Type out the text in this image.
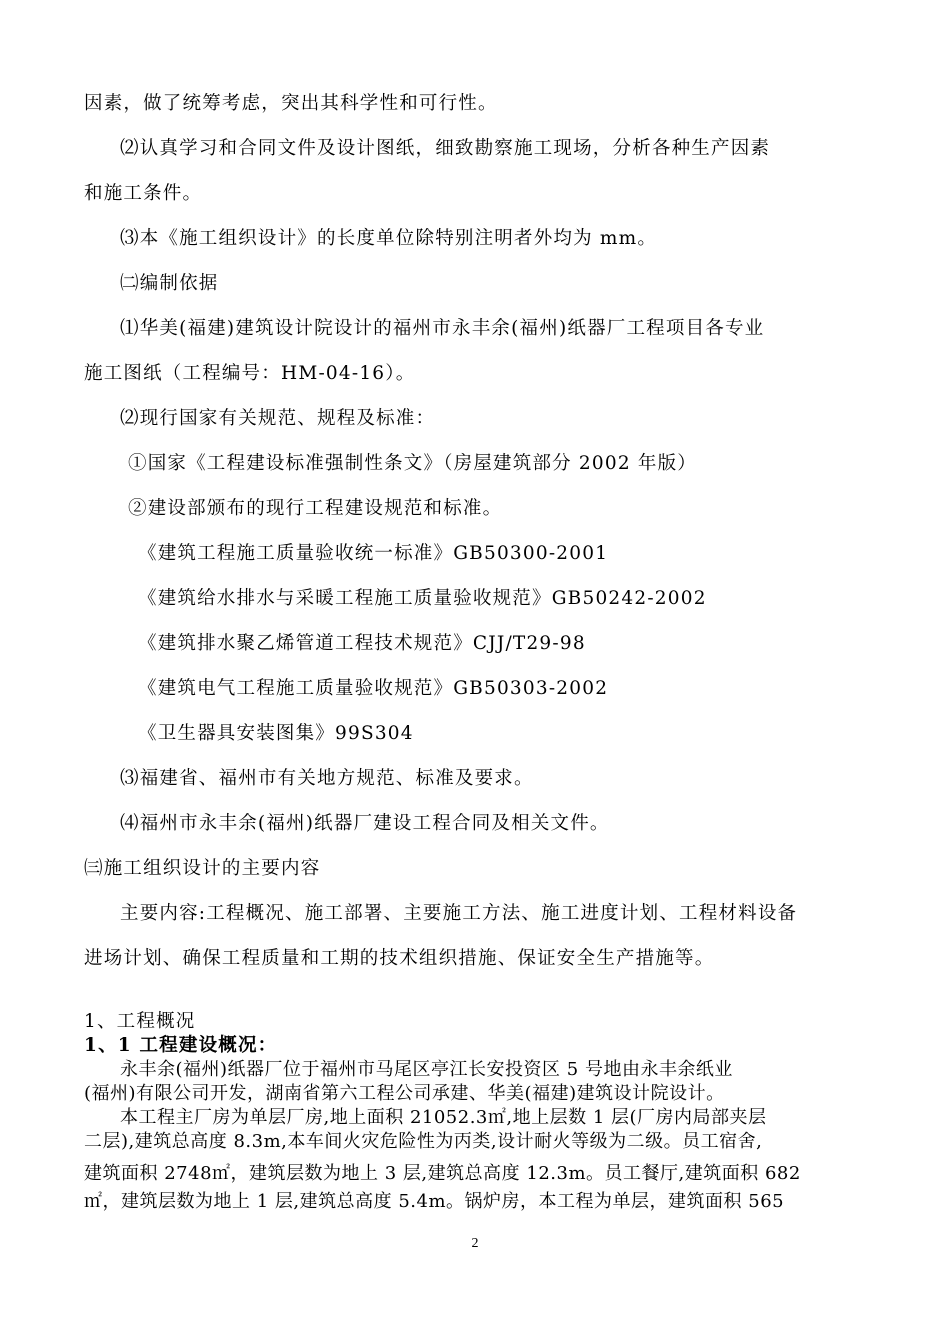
因素，做了统筹考虑，突出其科学性和可行性。
⑵认真学习和合同文件及设计图纸，细致勘察施工现场，分析各种生产因素
和施工条件。
⑶本《施工组织设计》的长度单位除特别注明者外均为 mm。
㈡编制依据
⑴华美(福建)建筑设计院设计的福州市永丰余(福州)纸器厂工程项目各专业
施工图纸（工程编号：HM-04-16）。
⑵现行国家有关规范、规程及标准：
①国家《工程建设标准强制性条文》（房屋建筑部分 2002 年版）
②建设部颁布的现行工程建设规范和标准。
《建筑工程施工质量验收统一标准》GB50300-2001
《建筑给水排水与采暖工程施工质量验收规范》GB50242-2002
《建筑排水聚乙烯管道工程技术规范》CJJ/T29-98
《建筑电气工程施工质量验收规范》GB50303-2002
《卫生器具安装图集》99S304
⑶福建省、福州市有关地方规范、标准及要求。
⑷福州市永丰余(福州)纸器厂建设工程合同及相关文件。
㈢施工组织设计的主要内容
主要内容:工程概况、施工部署、主要施工方法、施工进度计划、工程材料设备
进场计划、确保工程质量和工期的技术组织措施、保证安全生产措施等。
1、工程概况
1、1 工程建设概况：
永丰余(福州)纸器厂位于福州市马尾区亭江长安投资区 5 号地由永丰余纸业
(福州)有限公司开发，湖南省第六工程公司承建、华美(福建)建筑设计院设计。
本工程主厂房为单层厂房,地上面积 21052.3㎡,地上层数 1 层(厂房内局部夹层
二层),建筑总高度 8.3m,本车间火灾危险性为丙类,设计耐火等级为二级。员工宿舍,
建筑面积 2748㎡，建筑层数为地上 3 层,建筑总高度 12.3m。员工餐厅,建筑面积 682
㎡，建筑层数为地上 1 层,建筑总高度 5.4m。锅炉房，本工程为单层，建筑面积 565
2
